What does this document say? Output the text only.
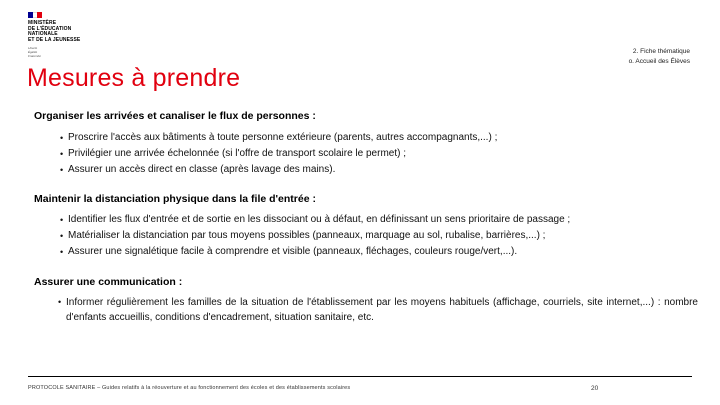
MINISTÈRE
DE L'ÉDUCATION
NATIONALE
ET DE LA JEUNESSE
Liberté
Égalité
Fraternité
2. Fiche thématique
o. Accueil des Élèves
Mesures à prendre

Organiser les arrivées et canaliser le flux de personnes :

• Proscrire l'accès aux bâtiments à toute personne extérieure (parents, autres accompagnants,...) ;
• Privilégier une arrivée échelonnée (si l'offre de transport scolaire le permet) ;
• Assurer un accès direct en classe (après lavage des mains).

Maintenir la distanciation physique dans la file d'entrée :

• Identifier les flux d'entrée et de sortie en les dissociant ou à défaut, en définissant un sens prioritaire de passage ;
• Matérialiser la distanciation par tous moyens possibles (panneaux, marquage au sol, rubalise, barrières,...) ;
• Assurer une signalétique facile à comprendre et visible (panneaux, fléchages, couleurs rouge/vert,...).

Assurer une communication :

• Informer régulièrement les familles de la situation de l'établissement par les moyens habituels (affichage, courriels, site internet,...) : nombre d'enfants accueillis, conditions d'encadrement, situation sanitaire, etc.

PROTOCOLE SANITAIRE – Guides relatifs à la réouverture et au fonctionnement des écoles et des établissements scolaires	20
